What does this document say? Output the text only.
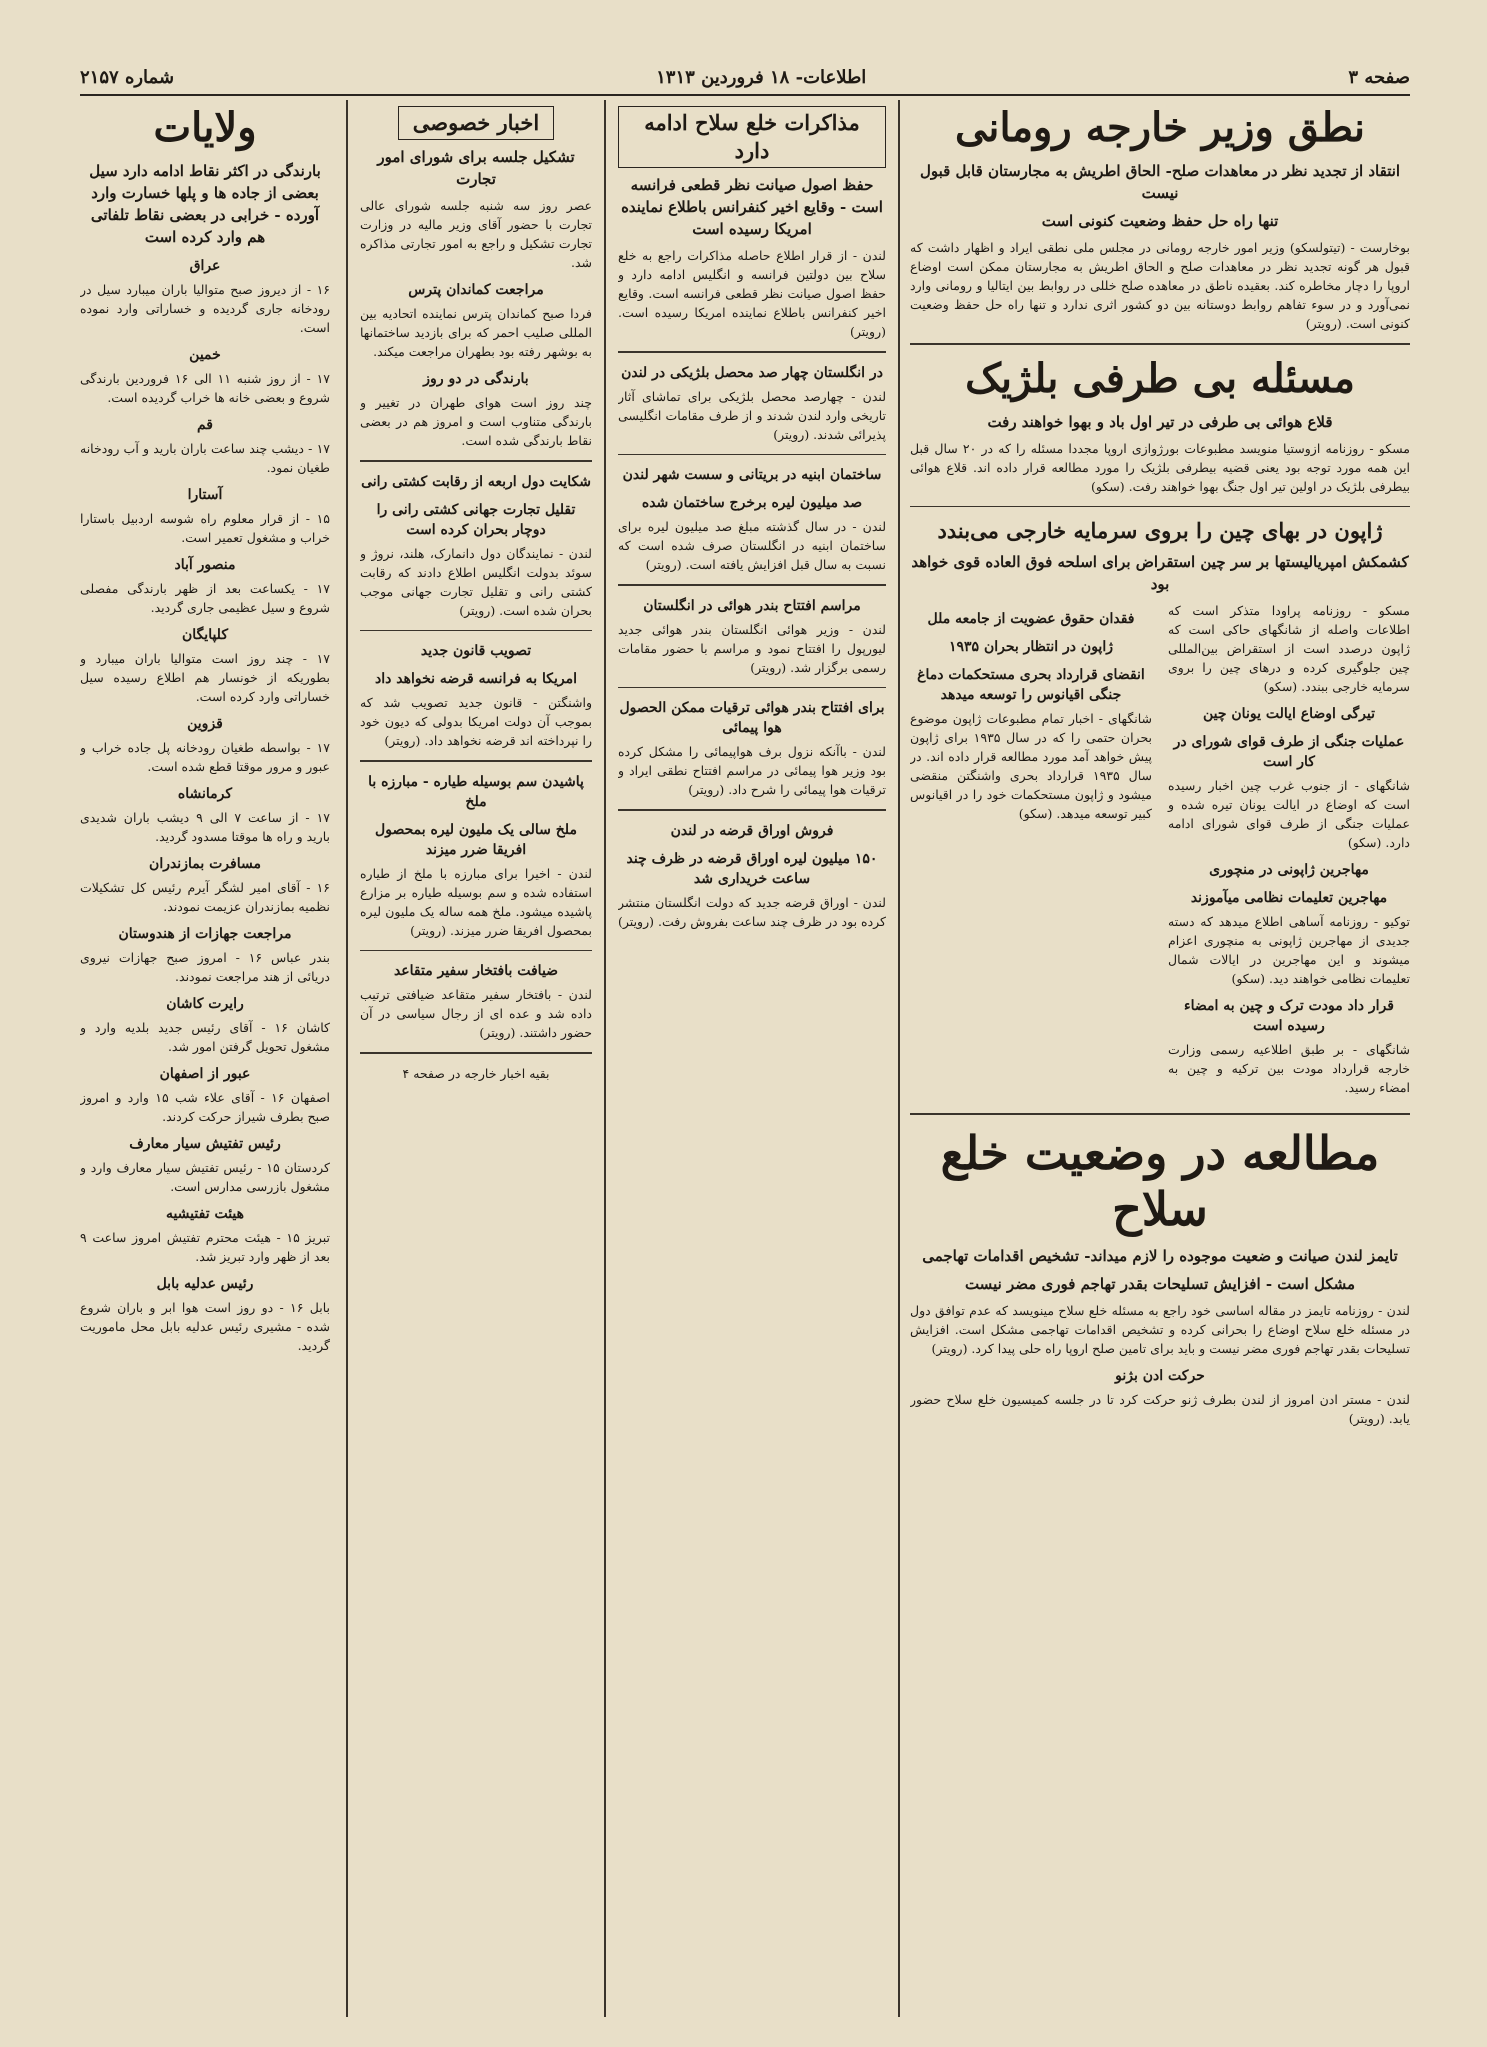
صفحه ۳
اطلاعات- ۱۸ فروردین ۱۳۱۳
شماره ۲۱۵۷
نطق وزیر خارجه رومانی
انتقاد از تجدید نظر در معاهدات صلح- الحاق اطریش به مجارستان قابل قبول نیست
تنها راه حل حفظ وضعیت کنونی است

بوخارست - (تیتولسکو) وزیر امور خارجه رومانی در مجلس ملی نطقی ایراد و اظهار داشت که قبول هر گونه تجدید نظر در معاهدات صلح و الحاق اطریش به مجارستان ممکن است اوضاع اروپا را دچار مخاطره کند. بعقیده ناطق در معاهده صلح خللی در روابط بین ایتالیا و رومانی وارد نمی‌آورد و در سوء تفاهم روابط دوستانه بین دو کشور اثری ندارد و تنها راه حل حفظ وضعیت کنونی است. (رویتر)

مسئله بی طرفی بلژیک
قلاع هوائی بی طرفی در تیر اول باد و بهوا خواهند رفت

مسکو - روزنامه ازوستیا منویسد مطبوعات بورژوازی اروپا مجددا مسئله را که در ۲۰ سال قبل این همه مورد توجه بود یعنی قضیه بیطرفی بلژیک را مورد مطالعه قرار داده اند. قلاع هوائی بیطرفی بلژیک در اولین تیر اول جنگ بهوا خواهند رفت. (سکو)

ژاپون در بهای چین را بروی سرمایه خارجی می‌بندد
کشمکش امپریالیستها بر سر چین استقراض برای اسلحه فوق العاده قوی خواهد بود

مسکو - روزنامه پراودا متذکر است که اطلاعات واصله از شانگهای حاکی است که ژاپون درصدد است از استقراض بین‌المللی چین جلوگیری کرده و درهای چین را بروی سرمایه خارجی ببندد. (سکو)

تیرگی اوضاع ایالت یونان چین
عملیات جنگی از طرف قوای شورای در کار است

شانگهای - از جنوب غرب چین اخبار رسیده است که اوضاع در ایالت یونان تیره شده و عملیات جنگی از طرف قوای شورای ادامه دارد. (سکو)

مهاجرین ژاپونی در منچوری
مهاجرین تعلیمات نظامی میآموزند

توکیو - روزنامه آساهی اطلاع میدهد که دسته جدیدی از مهاجرین ژاپونی به منچوری اعزام میشوند و این مهاجرین در ایالات شمال تعلیمات نظامی خواهند دید. (سکو)

قرار داد مودت ترک و چین به امضاء رسیده است

شانگهای - بر طبق اطلاعیه رسمی وزارت خارجه قرارداد مودت بین ترکیه و چین به امضاء رسید.

فقدان حقوق عضویت از جامعه ملل
ژاپون در انتظار بحران ۱۹۳۵
انقضای قرارداد بحری مستحکمات دماغ جنگی اقیانوس را توسعه میدهد

شانگهای - اخبار تمام مطبوعات ژاپون موضوع بحران حتمی را که در سال ۱۹۳۵ برای ژاپون پیش خواهد آمد مورد مطالعه قرار داده اند. در سال ۱۹۳۵ قرارداد بحری واشنگتن منقضی میشود و ژاپون مستحکمات خود را در اقیانوس کبیر توسعه میدهد. (سکو)

مطالعه در وضعیت خلع سلاح
تایمز لندن صیانت و ضعیت موجوده را لازم میداند- تشخیص اقدامات تهاجمی
مشکل است - افزایش تسلیحات بقدر تهاجم فوری مضر نیست

لندن - روزنامه تایمز در مقاله اساسی خود راجع به مسئله خلع سلاح مینویسد که عدم توافق دول در مسئله خلع سلاح اوضاع را بحرانی کرده و تشخیص اقدامات تهاجمی مشکل است. افزایش تسلیحات بقدر تهاجم فوری مضر نیست و باید برای تامین صلح اروپا راه حلی پیدا کرد. (رویتر)

حرکت ادن بژنو

لندن - مستر ادن امروز از لندن بطرف ژنو حرکت کرد تا در جلسه کمیسیون خلع سلاح حضور یابد. (رویتر)

مذاکرات خلع سلاح ادامه دارد
حفظ اصول صیانت نظر قطعی فرانسه است - وقایع اخیر کنفرانس باطلاع نماینده امریکا رسیده است

لندن - از قرار اطلاع حاصله مذاکرات راجع به خلع سلاح بین دولتین فرانسه و انگلیس ادامه دارد و حفظ اصول صیانت نظر قطعی فرانسه است. وقایع اخیر کنفرانس باطلاع نماینده امریکا رسیده است. (رویتر)

در انگلستان چهار صد محصل بلژیکی در لندن

لندن - چهارصد محصل بلژیکی برای تماشای آثار تاریخی وارد لندن شدند و از طرف مقامات انگلیسی پذیرائی شدند. (رویتر)

ساختمان ابنیه در بریتانی و سست شهر لندن
صد میلیون لیره برخرج ساختمان شده

لندن - در سال گذشته مبلغ صد میلیون لیره برای ساختمان ابنیه در انگلستان صرف شده است که نسبت به سال قبل افزایش یافته است. (رویتر)

مراسم افتتاح بندر هوائی در انگلستان

لندن - وزیر هوائی انگلستان بندر هوائی جدید لیورپول را افتتاح نمود و مراسم با حضور مقامات رسمی برگزار شد. (رویتر)

برای افتتاح بندر هوائی ترقیات ممکن الحصول هوا پیمائی

لندن - باآنکه نزول برف هواپیمائی را مشکل کرده بود وزیر هوا پیمائی در مراسم افتتاح نطقی ایراد و ترقیات هوا پیمائی را شرح داد. (رویتر)

فروش اوراق قرضه در لندن
۱۵۰ میلیون لیره اوراق قرضه در ظرف چند ساعت خریداری شد

لندن - اوراق قرضه جدید که دولت انگلستان منتشر کرده بود در ظرف چند ساعت بفروش رفت. (رویتر)

اخبار خصوصی
تشکیل جلسه برای شورای امور تجارت

عصر روز سه شنبه جلسه شورای عالی تجارت با حضور آقای وزیر مالیه در وزارت تجارت تشکیل و راجع به امور تجارتی مذاکره شد.

مراجعت کماندان پترس

فردا صبح کماندان پترس نماینده اتحادیه بین المللی صلیب احمر که برای بازدید ساختمانها به بوشهر رفته بود بطهران مراجعت میکند.

بارندگی در دو روز

چند روز است هوای طهران در تغییر و بارندگی متناوب است و امروز هم در بعضی نقاط بارندگی شده است.

شکایت دول اربعه از رقابت کشتی رانی
تقلیل تجارت جهانی کشتی رانی را دوچار بحران کرده است

لندن - نمایندگان دول دانمارک، هلند، نروژ و سوئد بدولت انگلیس اطلاع دادند که رقابت کشتی رانی و تقلیل تجارت جهانی موجب بحران شده است. (رویتر)

تصویب قانون جدید
امریکا به فرانسه قرضه نخواهد داد

واشنگتن - قانون جدید تصویب شد که بموجب آن دولت امریکا بدولی که دیون خود را نپرداخته اند قرضه نخواهد داد. (رویتر)

پاشیدن سم بوسیله طیاره - مبارزه با ملخ
ملخ سالی یک ملیون لیره بمحصول افریقا ضرر میزند

لندن - اخیرا برای مبارزه با ملخ از طیاره استفاده شده و سم بوسیله طیاره بر مزارع پاشیده میشود. ملخ همه ساله یک ملیون لیره بمحصول افریقا ضرر میزند. (رویتر)

ضیافت بافتخار سفیر متقاعد

لندن - بافتخار سفیر متقاعد ضیافتی ترتیب داده شد و عده ای از رجال سیاسی در آن حضور داشتند. (رویتر)

بقیه اخبار خارجه در صفحه ۴

ولایات
بارندگی در اکثر نقاط ادامه دارد سیل بعضی از جاده ها و پلها خسارت وارد آورده - خرابی در بعضی نقاط تلفاتی هم وارد کرده است
عراق

۱۶ - از دیروز صبح متوالیا باران میبارد سیل در رودخانه جاری گردیده و خساراتی وارد نموده است.

خمین

۱۷ - از روز شنبه ۱۱ الی ۱۶ فروردین بارندگی شروع و بعضی خانه ها خراب گردیده است.

قم

۱۷ - دیشب چند ساعت باران بارید و آب رودخانه طغیان نمود.

آستارا

۱۵ - از قرار معلوم راه شوسه اردبیل باستارا خراب و مشغول تعمیر است.

منصور آباد

۱۷ - یکساعت بعد از ظهر بارندگی مفصلی شروع و سیل عظیمی جاری گردید.

کلپایگان

۱۷ - چند روز است متوالیا باران میبارد و بطوریکه از خونسار هم اطلاع رسیده سیل خساراتی وارد کرده است.

قزوین

۱۷ - بواسطه طغیان رودخانه پل جاده خراب و عبور و مرور موقتا قطع شده است.

کرمانشاه

۱۷ - از ساعت ۷ الی ۹ دیشب باران شدیدی بارید و راه ها موقتا مسدود گردید.

مسافرت بمازندران

۱۶ - آقای امیر لشگر آیرم رئیس کل تشکیلات نظمیه بمازندران عزیمت نمودند.

مراجعت جهازات از هندوستان

بندر عباس ۱۶ - امروز صبح جهازات نیروی دریائی از هند مراجعت نمودند.

رایرت کاشان

کاشان ۱۶ - آقای رئیس جدید بلدیه وارد و مشغول تحویل گرفتن امور شد.

عبور از اصفهان

اصفهان ۱۶ - آقای علاء شب ۱۵ وارد و امروز صبح بطرف شیراز حرکت کردند.

رئیس تفتیش سیار معارف

کردستان ۱۵ - رئیس تفتیش سیار معارف وارد و مشغول بازرسی مدارس است.

هیئت تفتیشیه

تبریز ۱۵ - هیئت محترم تفتیش امروز ساعت ۹ بعد از ظهر وارد تبریز شد.

رئیس عدلیه بابل

بابل ۱۶ - دو روز است هوا ابر و باران شروع شده - مشیری رئیس عدلیه بابل محل ماموریت گردید.
